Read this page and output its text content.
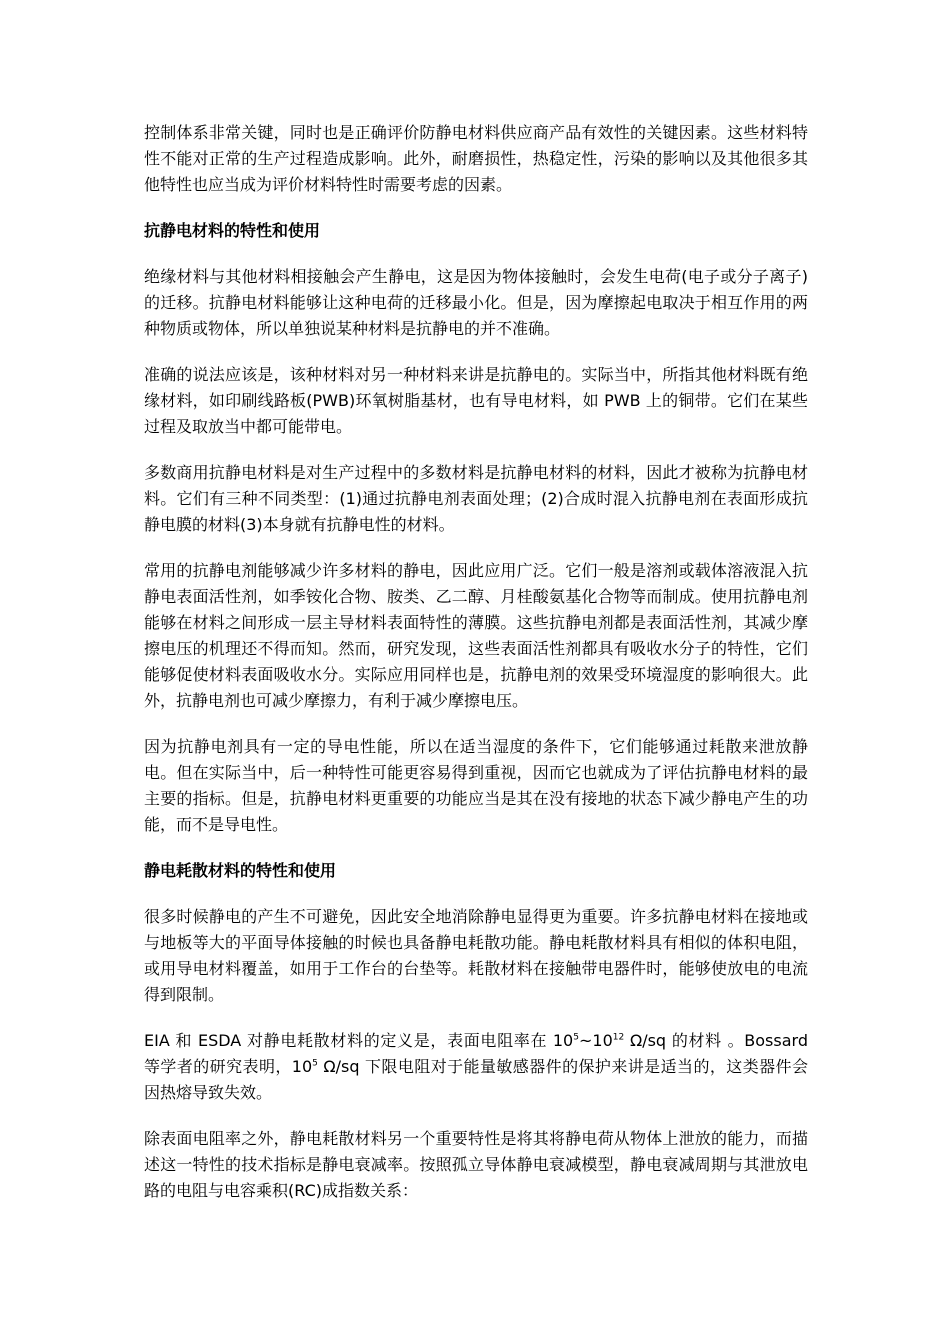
控制体系非常关键，同时也是正确评价防静电材料供应商产品有效性的关键因素。这些材料特性不能对正常的生产过程造成影响。此外，耐磨损性，热稳定性，污染的影响以及其他很多其他特性也应当成为评价材料特性时需要考虑的因素。

抗静电材料的特性和使用

绝缘材料与其他材料相接触会产生静电，这是因为物体接触时，会发生电荷(电子或分子离子)的迁移。抗静电材料能够让这种电荷的迁移最小化。但是，因为摩擦起电取决于相互作用的两种物质或物体，所以单独说某种材料是抗静电的并不准确。

准确的说法应该是，该种材料对另一种材料来讲是抗静电的。实际当中，所指其他材料既有绝缘材料，如印刷线路板(PWB)环氧树脂基材，也有导电材料，如 PWB 上的铜带。它们在某些过程及取放当中都可能带电。

多数商用抗静电材料是对生产过程中的多数材料是抗静电材料的材料，因此才被称为抗静电材料。它们有三种不同类型：(1)通过抗静电剂表面处理；(2)合成时混入抗静电剂在表面形成抗静电膜的材料(3)本身就有抗静电性的材料。

常用的抗静电剂能够减少许多材料的静电，因此应用广泛。它们一般是溶剂或载体溶液混入抗静电表面活性剂，如季铵化合物、胺类、乙二醇、月桂酸氨基化合物等而制成。使用抗静电剂能够在材料之间形成一层主导材料表面特性的薄膜。这些抗静电剂都是表面活性剂，其减少摩擦电压的机理还不得而知。然而，研究发现，这些表面活性剂都具有吸收水分子的特性，它们能够促使材料表面吸收水分。实际应用同样也是，抗静电剂的效果受环境湿度的影响很大。此外，抗静电剂也可减少摩擦力，有利于减少摩擦电压。

因为抗静电剂具有一定的导电性能，所以在适当湿度的条件下，它们能够通过耗散来泄放静电。但在实际当中，后一种特性可能更容易得到重视，因而它也就成为了评估抗静电材料的最主要的指标。但是，抗静电材料更重要的功能应当是其在没有接地的状态下减少静电产生的功能，而不是导电性。

静电耗散材料的特性和使用

很多时候静电的产生不可避免，因此安全地消除静电显得更为重要。许多抗静电材料在接地或与地板等大的平面导体接触的时候也具备静电耗散功能。静电耗散材料具有相似的体积电阻，或用导电材料覆盖，如用于工作台的台垫等。耗散材料在接触带电器件时，能够使放电的电流得到限制。

EIA 和 ESDA 对静电耗散材料的定义是，表面电阻率在 $10^5\sim 10^{12}$ Ω/sq 的材料 。Bossard 等学者的研究表明，$10^5$ Ω/sq 下限电阻对于能量敏感器件的保护来讲是适当的，这类器件会因热熔导致失效。

除表面电阻率之外，静电耗散材料另一个重要特性是将其将静电荷从物体上泄放的能力，而描述这一特性的技术指标是静电衰减率。按照孤立导体静电衰减模型，静电衰减周期与其泄放电路的电阻与电容乘积(RC)成指数关系：
